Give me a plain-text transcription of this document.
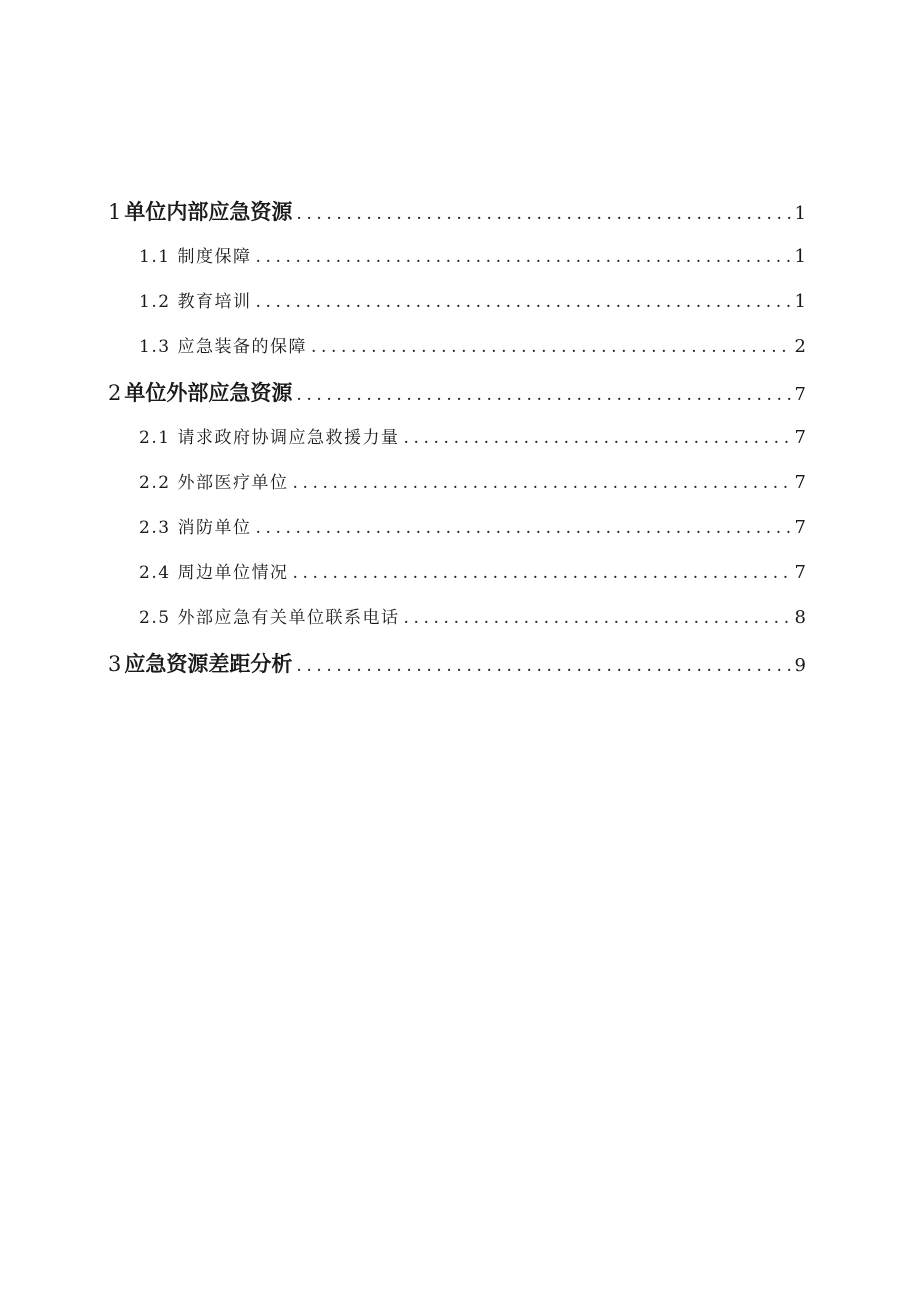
1 单位内部应急资源 .....	1
1.1 制度保障 .....	1
1.2 教育培训 .....	1
1.3 应急装备的保障 .....	2
2 单位外部应急资源 .....	7
2.1 请求政府协调应急救援力量 .....	7
2.2 外部医疗单位 .....	7
2.3 消防单位 .....	7
2.4 周边单位情况 .....	7
2.5 外部应急有关单位联系电话 .....	8
3 应急资源差距分析 .....	9
